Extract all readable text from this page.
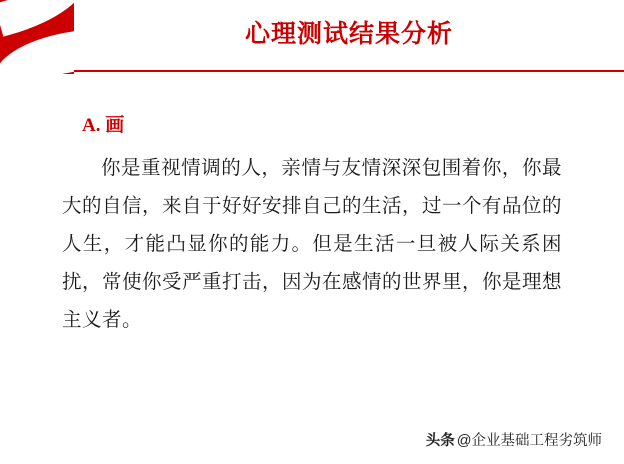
心理测试结果分析
A. 画
你是重视情调的人，亲情与友情深深包围着你，你最大的自信，来自于好好安排自己的生活，过一个有品位的人生，才能凸显你的能力。但是生活一旦被人际关系困扰，常使你受严重打击，因为在感情的世界里，你是理想主义者。
头条 @企业基础工程劣筑师
